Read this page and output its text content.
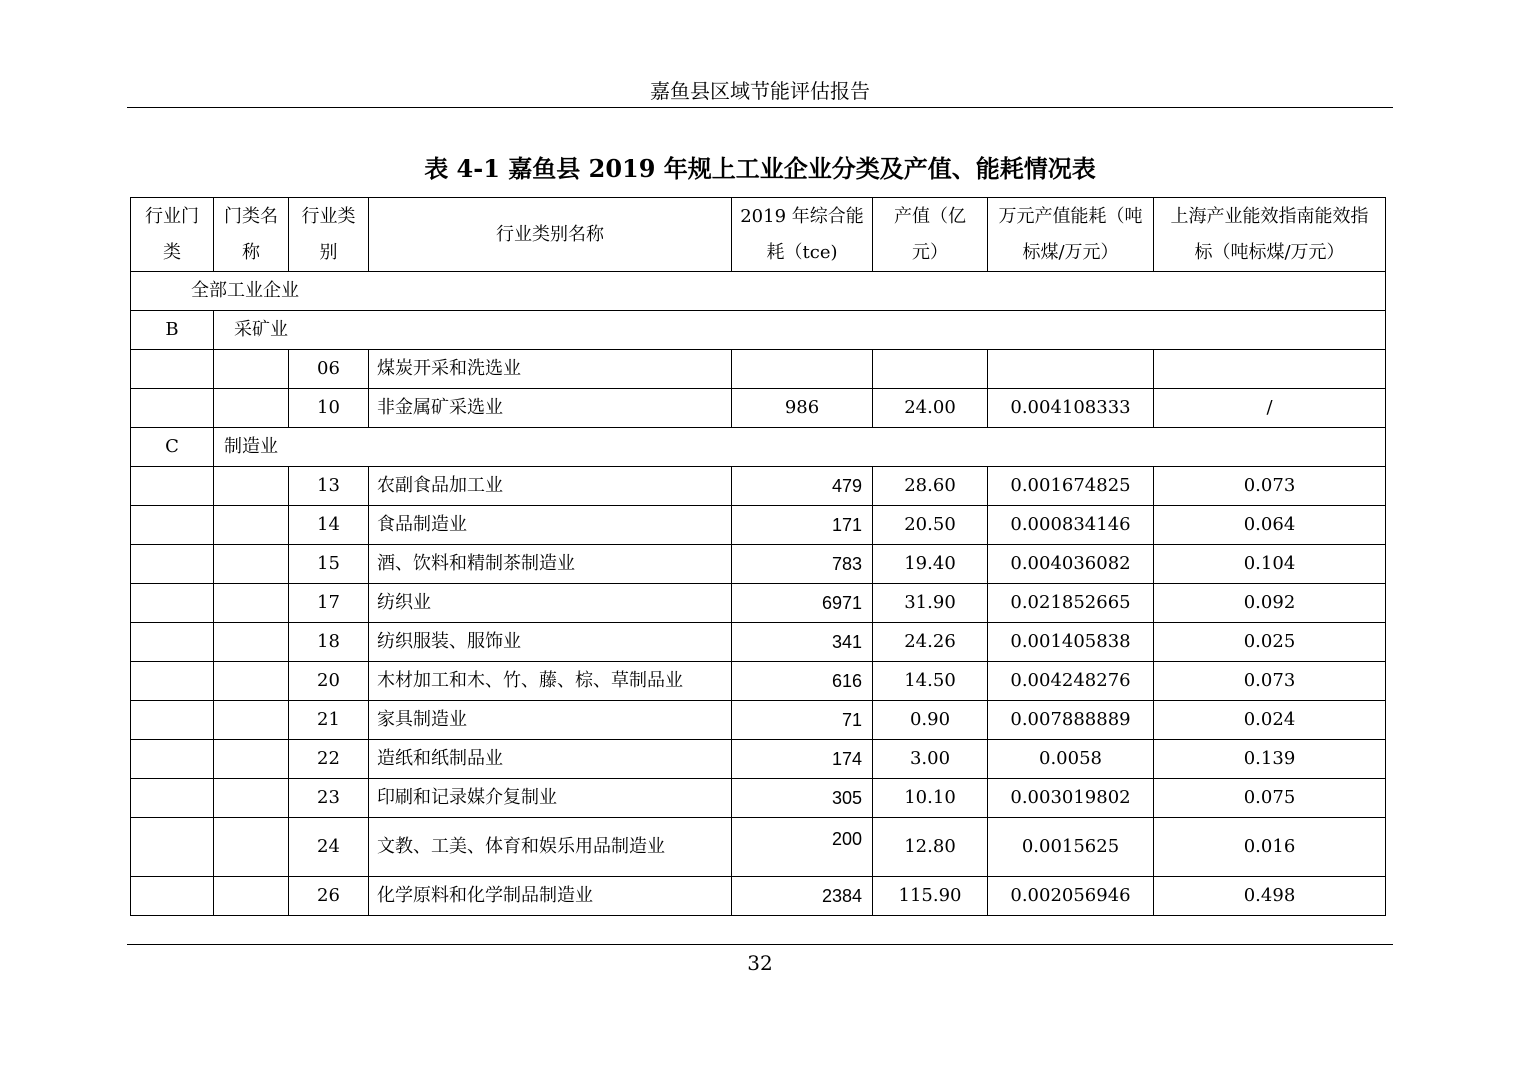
嘉鱼县区域节能评估报告
表 4-1 嘉鱼县 2019 年规上工业企业分类及产值、能耗情况表
行业门类	门类名称	行业类别	行业类别名称	2019 年综合能耗（tce)	产值（亿元）	万元产值能耗（吨标煤/万元）	上海产业能效指南能效指标（吨标煤/万元）
全部工业企业							
B	采矿业						
		06	煤炭开采和洗选业				
		10	非金属矿采选业	986	24.00	0.004108333	/
C	制造业						
		13	农副食品加工业	479	28.60	0.001674825	0.073
		14	食品制造业	171	20.50	0.000834146	0.064
		15	酒、饮料和精制茶制造业	783	19.40	0.004036082	0.104
		17	纺织业	6971	31.90	0.021852665	0.092
		18	纺织服装、服饰业	341	24.26	0.001405838	0.025
		20	木材加工和木、竹、藤、棕、草制品业	616	14.50	0.004248276	0.073
		21	家具制造业	71	0.90	0.007888889	0.024
		22	造纸和纸制品业	174	3.00	0.0058	0.139
		23	印刷和记录媒介复制业	305	10.10	0.003019802	0.075
		24	文教、工美、体育和娱乐用品制造业	200	12.80	0.0015625	0.016
		26	化学原料和化学制品制造业	2384	115.90	0.002056946	0.498
32
